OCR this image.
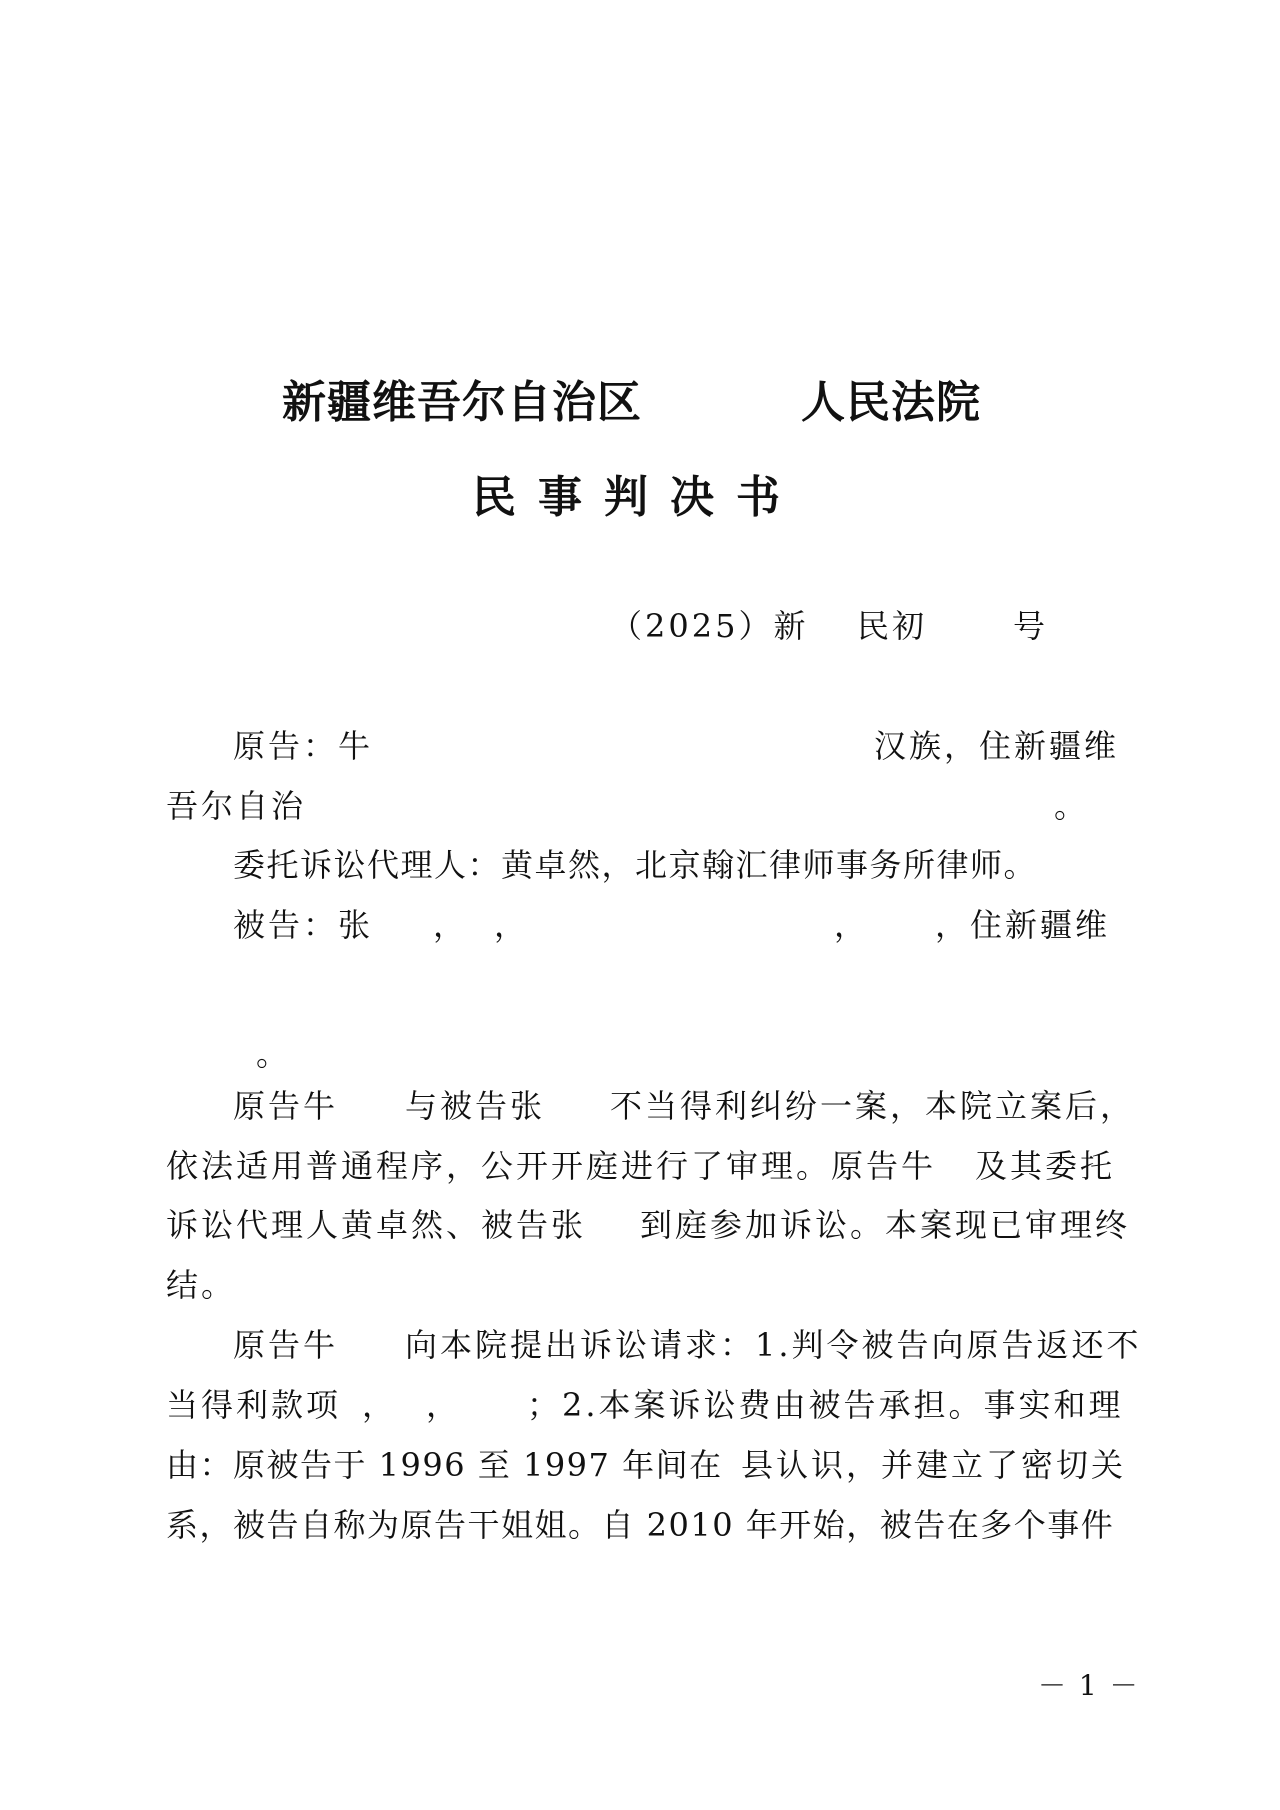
新疆维吾尔自治区	人民法院
民事判决书
（2025）新 民初	号
原告：牛	汉族，住新疆维
吾尔自治	。
委托诉讼代理人：黄卓然，北京翰汇律师事务所律师。
被告：张 ， ，	， ，住新疆维
。
原告牛 与被告张 不当得利纠纷一案，本院立案后，
依法适用普通程序，公开开庭进行了审理。原告牛 及其委托
诉讼代理人黄卓然、被告张 到庭参加诉讼。本案现已审理终
结。
原告牛 向本院提出诉讼请求：1.判令被告向原告返还不
当得利款项 ， ， ；2.本案诉讼费由被告承担。事实和理
由：原被告于 1996 至 1997 年间在 县认识，并建立了密切关
系，被告自称为原告干姐姐。自 2010 年开始，被告在多个事件
－ 1 －
